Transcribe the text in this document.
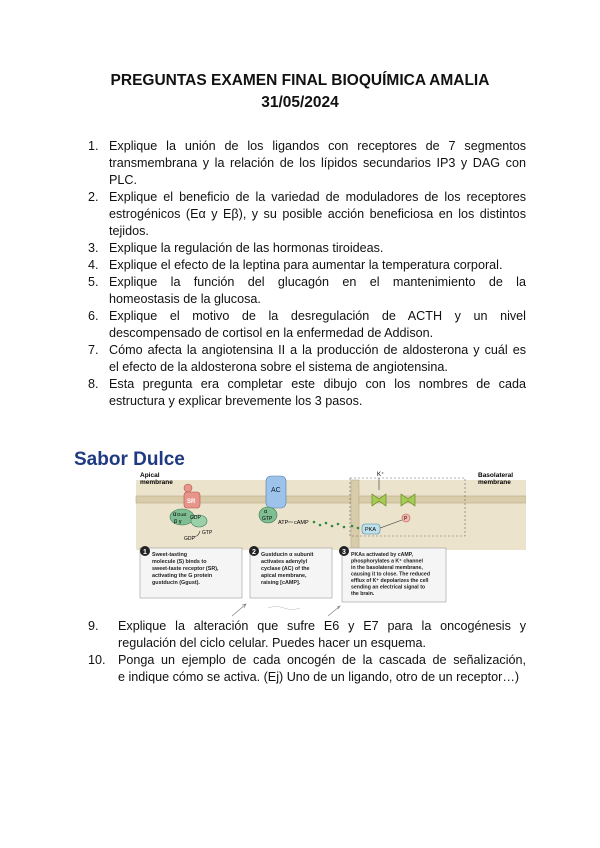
PREGUNTAS EXAMEN FINAL BIOQUÍMICA AMALIA
31/05/2024
1. Explique la unión de los ligandos con receptores de 7 segmentos
transmembrana y la relación de los lípidos secundarios IP3 y DAG con
PLC.
2. Explique el beneficio de la variedad de moduladores de los receptores
estrogénicos (Eα y Eβ), y su posible acción beneficiosa en los distintos
tejidos.
3. Explique la regulación de las hormonas tiroideas.
4. Explique el efecto de la leptina para aumentar la temperatura corporal.
5. Explique la función del glucagón en el mantenimiento de la
homeostasis de la glucosa.
6. Explique el motivo de la desregulación de ACTH y un nivel
descompensado de cortisol en la enfermedad de Addison.
7. Cómo afecta la angiotensina II a la producción de aldosterona y cuál es
el efecto de la aldosterona sobre el sistema de angiotensina.
8. Esta pregunta era completar este dibujo con los nombres de cada
estructura y explicar brevemente los 3 pasos.
Sabor Dulce
Apical
membrane
Basolateral
membrane
SR
α Gust
β γ
GDP
GTP
GDP
AC
α
GTP
ATP cAMP
PKA
K⁺
P
1	2	3
Sweet-tasting molecule (S) binds to sweet-taste receptor (SR), activating the G protein gustducin (Ggust).
Gustducin α subunit activates adenylyl cyclase (AC) of the apical membrane, raising [cAMP].
PKAs activated by cAMP, phosphorylates a K⁺ channel in the basolateral membrane, causing it to close. The reduced efflux of K⁺ depolarizes the cell sending an electrical signal to the brain.
9. Explique la alteración que sufre E6 y E7 para la oncogénesis y
regulación del ciclo celular. Puedes hacer un esquema.
10. Ponga un ejemplo de cada oncogén de la cascada de señalización,
e indique cómo se activa. (Ej) Uno de un ligando, otro de un receptor…)
